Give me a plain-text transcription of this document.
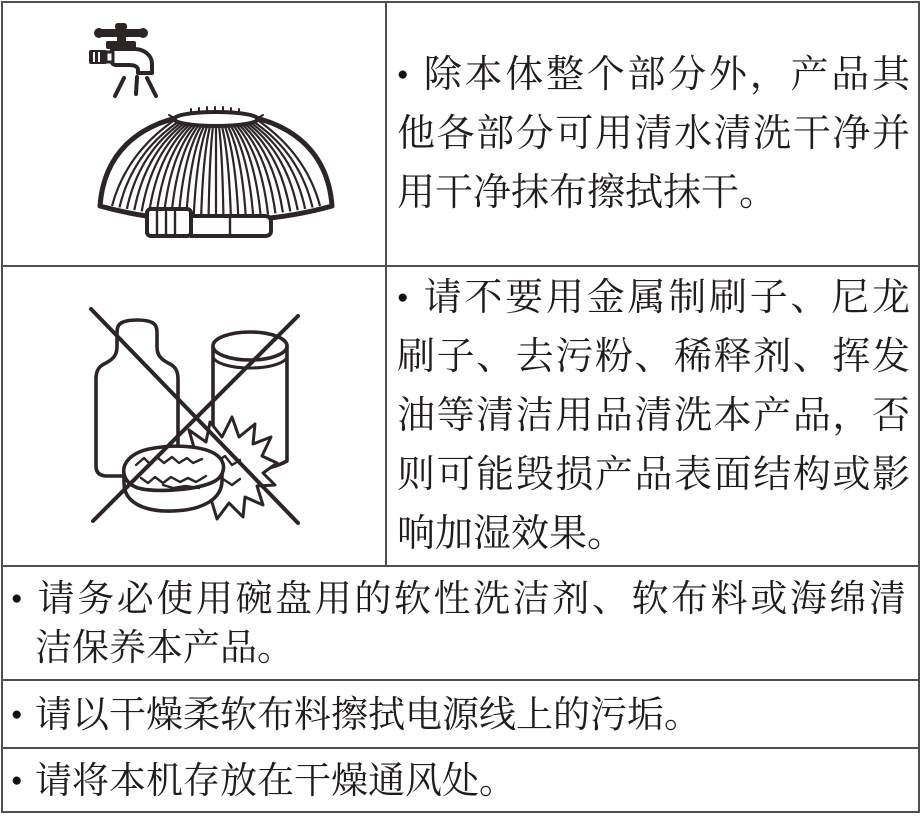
● 除本体整个部分外，产品其
他各部分可用清水清洗干净并
用干净抹布擦拭抹干。
● 请不要用金属制刷子、尼龙
刷子、去污粉、稀释剂、挥发
油等清洁用品清洗本产品，否
则可能毁损产品表面结构或影
响加湿效果。
● 请务必使用碗盘用的软性洗洁剂、软布料或海绵清
洁保养本产品。
● 请以干燥柔软布料擦拭电源线上的污垢。
● 请将本机存放在干燥通风处。
